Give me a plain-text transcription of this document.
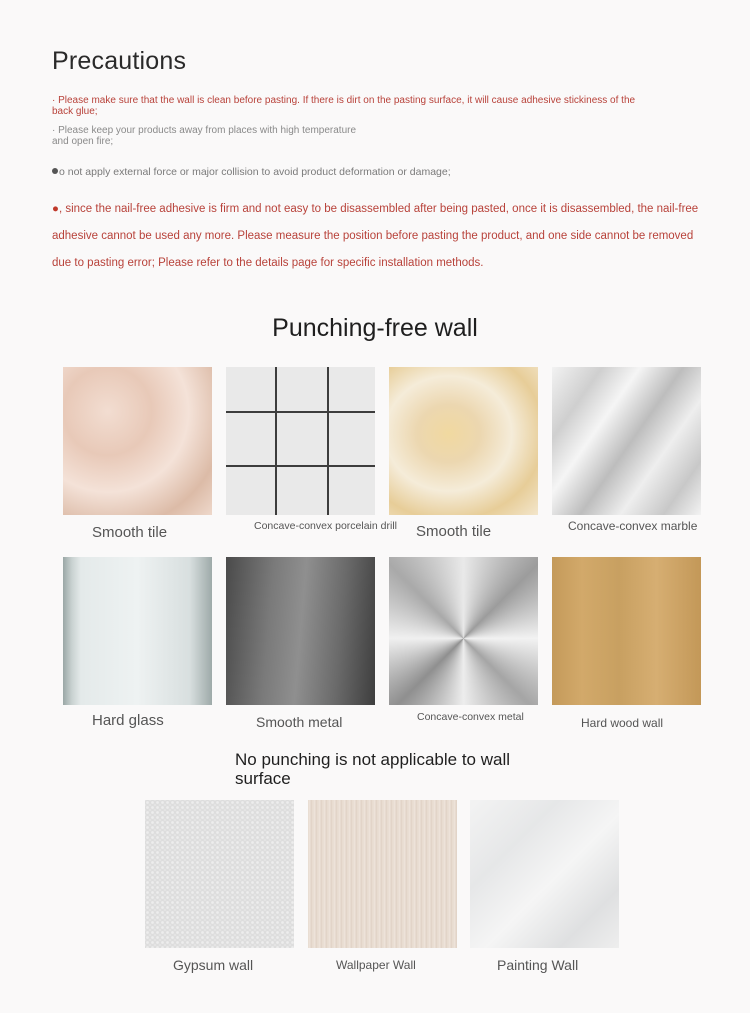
Precautions
· Please make sure that the wall is clean before pasting. If there is dirt on the pasting surface, it will cause adhesive stickiness of the back glue;
· Please keep your products away from places with high temperature and open fire;
o not apply external force or major collision to avoid product deformation or damage;
●, since the nail-free adhesive is firm and not easy to be disassembled after being pasted, once it is disassembled, the nail-free adhesive cannot be used any more. Please measure the position before pasting the product, and one side cannot be removed due to pasting error; Please refer to the details page for specific installation methods.
Punching-free wall
Smooth tile	Concave-convex porcelain drill	Smooth tile	Concave-convex marble
Hard glass	Smooth metal	Concave-convex metal	Hard wood wall
No punching is not applicable to wall surface
Gypsum wall	Wallpaper Wall	Painting Wall
